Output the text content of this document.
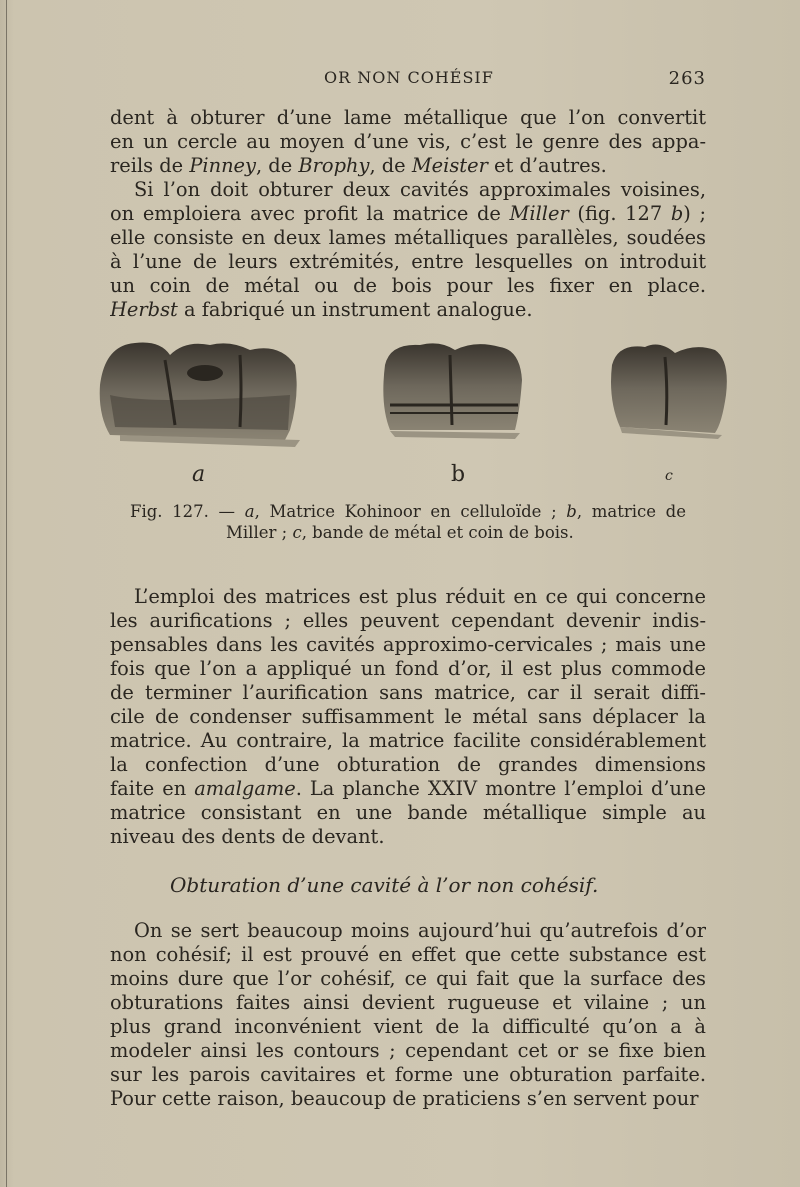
OR NON COHÉSIF	263

dent à obturer d’une lame métallique que l’on convertit
en un cercle au moyen d’une vis, c’est le genre des appa-
reils de Pinney, de Brophy, de Meister et d’autres.

Si l’on doit obturer deux cavités approximales voisines,
on emploiera avec profit la matrice de Miller (fig. 127 b) ;
elle consiste en deux lames métalliques parallèles, soudées
à l’une de leurs extrémités, entre lesquelles on introduit
un coin de métal ou de bois pour les fixer en place.
Herbst a fabriqué un instrument analogue.

a	b	c
Fig. 127. — a, Matrice Kohinoor en celluloïde ; b, matrice de
Miller ; c, bande de métal et coin de bois.

L’emploi des matrices est plus réduit en ce qui concerne
les aurifications ; elles peuvent cependant devenir indis-
pensables dans les cavités approximo-cervicales ; mais une
fois que l’on a appliqué un fond d’or, il est plus commode
de terminer l’aurification sans matrice, car il serait diffi-
cile de condenser suffisamment le métal sans déplacer la
matrice. Au contraire, la matrice facilite considérablement
la confection d’une obturation de grandes dimensions
faite en amalgame. La planche XXIV montre l’emploi d’une
matrice consistant en une bande métallique simple au
niveau des dents de devant.

Obturation d’une cavité à l’or non cohésif.

On se sert beaucoup moins aujourd’hui qu’autrefois d’or
non cohésif; il est prouvé en effet que cette substance est
moins dure que l’or cohésif, ce qui fait que la surface des
obturations faites ainsi devient rugueuse et vilaine ; un
plus grand inconvénient vient de la difficulté qu’on a à
modeler ainsi les contours ; cependant cet or se fixe bien
sur les parois cavitaires et forme une obturation parfaite.
Pour cette raison, beaucoup de praticiens s’en servent pour
